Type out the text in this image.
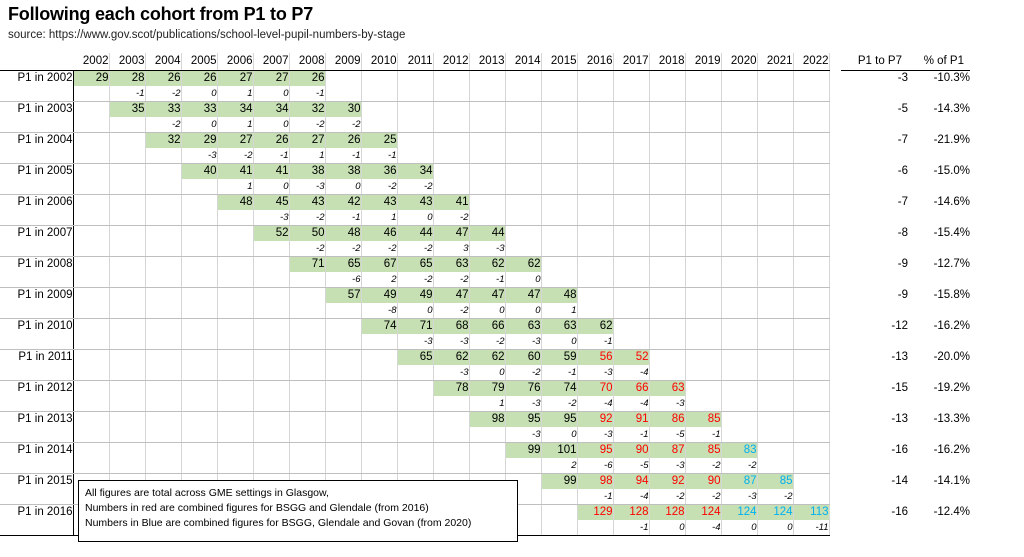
Following each cohort from P1 to P7
source: https://www.gov.scot/publications/school-level-pupil-numbers-by-stage
	2002	2003	2004	2005	2006	2007	2008	2009	2010	2011	2012	2013	2014	2015	2016	2017	2018	2019	2020	2021	2022		P1 to P7	% of P1
P1 in 2002	29	28	26	26	27	27	26																-3	-10.3%
		-1	-2	0	1	0	-1																	
P1 in 2003		35	33	33	34	34	32	30															-5	-14.3%
			-2	0	1	0	-2	-2																
P1 in 2004			32	29	27	26	27	26	25														-7	-21.9%
				-3	-2	-1	1	-1	-1															
P1 in 2005				40	41	41	38	38	36	34													-6	-15.0%
					1	0	-3	0	-2	-2														
P1 in 2006					48	45	43	42	43	43	41												-7	-14.6%
						-3	-2	-1	1	0	-2													
P1 in 2007						52	50	48	46	44	47	44											-8	-15.4%
							-2	-2	-2	-2	3	-3												
P1 in 2008							71	65	67	65	63	62	62										-9	-12.7%
								-6	2	-2	-2	-1	0											
P1 in 2009								57	49	49	47	47	47	48									-9	-15.8%
									-8	0	-2	0	0	1										
P1 in 2010									74	71	68	66	63	63	62								-12	-16.2%
										-3	-3	-2	-3	0	-1									
P1 in 2011										65	62	62	60	59	56	52							-13	-20.0%
											-3	0	-2	-1	-3	-4								
P1 in 2012											78	79	76	74	70	66	63						-15	-19.2%
												1	-3	-2	-4	-4	-3							
P1 in 2013												98	95	95	92	91	86	85					-13	-13.3%
													-3	0	-3	-1	-5	-1						
P1 in 2014													99	101	95	90	87	85	83				-16	-16.2%
														2	-6	-5	-3	-2	-2					
P1 in 2015														99	98	94	92	90	87	85			-14	-14.1%
															-1	-4	-2	-2	-3	-2				
P1 in 2016															129	128	128	124	124	124	113		-16	-12.4%
																-1	0	-4	0	0	-11			
All figures are total across GME settings in Glasgow,
Numbers in red are combined figures for BSGG and Glendale (from 2016)
Numbers in Blue are combined figures for BSGG, Glendale and Govan (from 2020)
